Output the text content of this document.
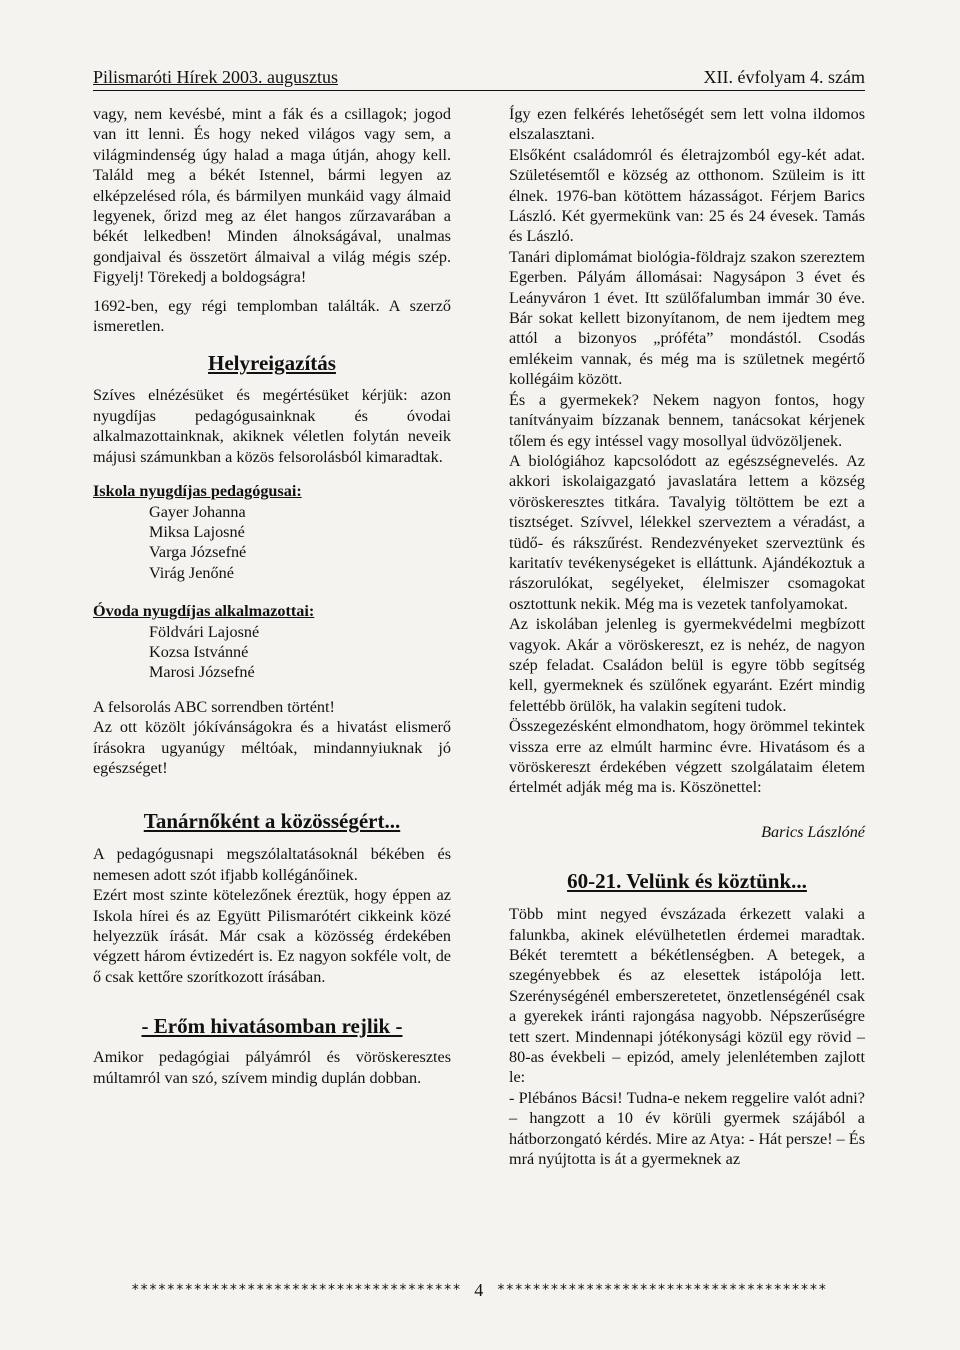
Pilismaróti Hírek 2003. augusztus	XII. évfolyam 4. szám

vagy, nem kevésbé, mint a fák és a csillagok; jogod van itt lenni. És hogy neked világos vagy sem, a világmindenség úgy halad a maga útján, ahogy kell. Találd meg a békét Istennel, bármi legyen az elképzelésed róla, és bármilyen munkáid vagy álmaid legyenek, őrizd meg az élet hangos zűrzavarában a békét lelkedben! Minden álnokságával, unalmas gondjaival és összetört álmaival a világ mégis szép. Figyelj! Törekedj a boldogságra!

1692-ben, egy régi templomban találták. A szerző ismeretlen.

Helyreigazítás

Szíves elnézésüket és megértésüket kérjük: azon nyugdíjas pedagógusainknak és óvodai alkalmazottainknak, akiknek véletlen folytán neveik májusi számunkban a közös felsorolásból kimaradtak.

Iskola nyugdíjas pedagógusai:
Gayer Johanna
Miksa Lajosné
Varga Józsefné
Virág Jenőné
Óvoda nyugdíjas alkalmazottai:
Földvári Lajosné
Kozsa Istvánné
Marosi Józsefné

A felsorolás ABC sorrendben történt!

Az ott közölt jókívánságokra és a hivatást elismerő írásokra ugyanúgy méltóak, mindannyiuknak jó egészséget!

Tanárnőként a közösségért...

A pedagógusnapi megszólaltatásoknál békében és nemesen adott szót ifjabb kollégánőinek.

Ezért most szinte kötelezőnek éreztük, hogy éppen az Iskola hírei és az Együtt Pilismarótért cikkeink közé helyezzük írását. Már csak a közösség érdekében végzett három évtizedért is. Ez nagyon sokféle volt, de ő csak kettőre szorítkozott írásában.

- Erőm hivatásomban rejlik -

Amikor pedagógiai pályámról és vöröskeresztes múltamról van szó, szívem mindig duplán dobban.

Így ezen felkérés lehetőségét sem lett volna ildomos elszalasztani.

Elsőként családomról és életrajzomból egy-két adat. Születésemtől e község az otthonom. Szüleim is itt élnek. 1976-ban kötöttem házasságot. Férjem Barics László. Két gyermekünk van: 25 és 24 évesek. Tamás és László.

Tanári diplomámat biológia-földrajz szakon szereztem Egerben. Pályám állomásai: Nagysápon 3 évet és Leányváron 1 évet. Itt szülőfalumban immár 30 éve. Bár sokat kellett bizonyítanom, de nem ijedtem meg attól a bizonyos „próféta” mondástól. Csodás emlékeim vannak, és még ma is születnek megértő kollégáim között.

És a gyermekek? Nekem nagyon fontos, hogy tanítványaim bízzanak bennem, tanácsokat kérjenek tőlem és egy intéssel vagy mosollyal üdvözöljenek.

A biológiához kapcsolódott az egészségnevelés. Az akkori iskolaigazgató javaslatára lettem a község vöröskeresztes titkára. Tavalyig töltöttem be ezt a tisztséget. Szívvel, lélekkel szerveztem a véradást, a tüdő- és rákszűrést. Rendezvényeket szerveztünk és karitatív tevékenységeket is elláttunk. Ajándékoztuk a rászorulókat, segélyeket, élelmiszer csomagokat osztottunk nekik. Még ma is vezetek tanfolyamokat.

Az iskolában jelenleg is gyermekvédelmi megbízott vagyok. Akár a vöröskereszt, ez is nehéz, de nagyon szép feladat. Családon belül is egyre több segítség kell, gyermeknek és szülőnek egyaránt. Ezért mindig felettébb örülök, ha valakin segíteni tudok.

Összegezésként elmondhatom, hogy örömmel tekintek vissza erre az elmúlt harminc évre. Hivatásom és a vöröskereszt érdekében végzett szolgálataim életem értelmét adják még ma is. Köszönettel:

Barics Lászlóné
60-21. Velünk és köztünk...

Több mint negyed évszázada érkezett valaki a falunkba, akinek elévülhetetlen érdemei maradtak. Békét teremtett a békétlenségben. A betegek, a szegényebbek és az elesettek istápolója lett. Szerénységénél emberszeretetet, önzetlenségénél csak a gyerekek iránti rajongása nagyobb. Népszerűségre tett szert. Mindennapi jótékonysági közül egy rövid – 80-as évekbeli – epizód, amely jelenlétemben zajlott le:

- Plébános Bácsi! Tudna-e nekem reggelire valót adni? – hangzott a 10 év körüli gyermek szájából a hátborzongató kérdés. Mire az Atya: - Hát persze! – És mrá nyújtotta is át a gyermeknek az

************************************* 4 *************************************
